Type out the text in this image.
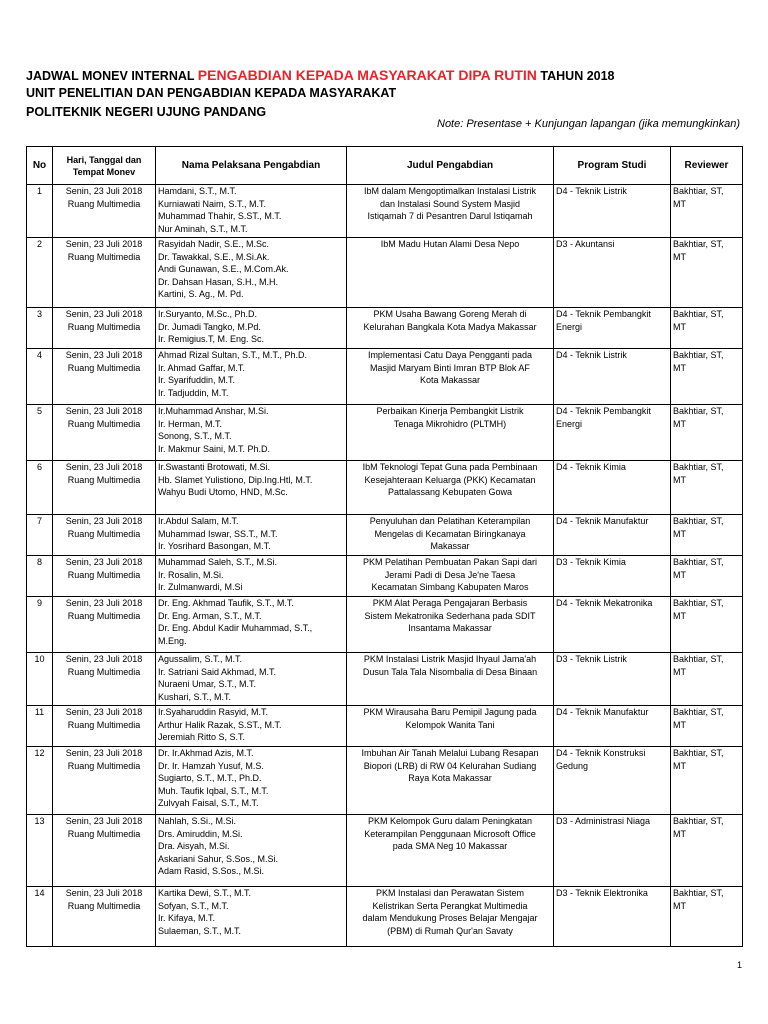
JADWAL MONEV INTERNAL PENGABDIAN KEPADA MASYARAKAT DIPA RUTIN TAHUN 2018
UNIT PENELITIAN DAN PENGABDIAN KEPADA MASYARAKAT
POLITEKNIK NEGERI UJUNG PANDANG
Note: Presentase + Kunjungan lapangan (jika memungkinkan)
No	Hari, Tanggal dan Tempat Monev	Nama Pelaksana Pengabdian	Judul Pengabdian	Program Studi	Reviewer
1	Senin, 23 Juli 2018
Ruang Multimedia	Hamdani, S.T., M.T.
Kurniawati Naim, S.T., M.T.
Muhammad Thahir, S.ST., M.T.
Nur Aminah, S.T., M.T.	IbM dalam Mengoptimalkan Instalasi Listrik
dan Instalasi Sound System Masjid
Istiqamah 7 di Pesantren Darul Istiqamah	D4 - Teknik Listrik	Bakhtiar, ST,
MT

2	Senin, 23 Juli 2018
Ruang Multimedia	Rasyidah Nadir, S.E., M.Sc.
Dr. Tawakkal, S.E., M.Si.Ak.
Andi Gunawan, S.E., M.Com.Ak.
Dr. Dahsan Hasan, S.H., M.H.
Kartini, S. Ag., M. Pd.	IbM Madu Hutan Alami Desa Nepo	D3 - Akuntansi	Bakhtiar, ST,
MT

3	Senin, 23 Juli 2018
Ruang Multimedia	Ir.Suryanto, M.Sc., Ph.D.
Dr. Jumadi Tangko, M.Pd.
Ir. Remigius.T, M. Eng. Sc.	PKM Usaha Bawang Goreng Merah di
Kelurahan Bangkala Kota Madya Makassar	D4 - Teknik Pembangkit
Energi	Bakhtiar, ST,
MT

4	Senin, 23 Juli 2018
Ruang Multimedia	Ahmad Rizal Sultan, S.T., M.T., Ph.D.
Ir. Ahmad Gaffar, M.T.
Ir. Syarifuddin, M.T.
Ir. Tadjuddin, M.T.	Implementasi Catu Daya Pengganti pada
Masjid Maryam Binti Imran BTP Blok AF
Kota Makassar	D4 - Teknik Listrik	Bakhtiar, ST,
MT

5	Senin, 23 Juli 2018
Ruang Multimedia	Ir.Muhammad Anshar, M.Si.
Ir. Herman, M.T.
Sonong, S.T., M.T.
Ir. Makmur Saini, M.T. Ph.D.	Perbaikan Kinerja Pembangkit Listrik
Tenaga Mikrohidro (PLTMH)	D4 - Teknik Pembangkit
Energi	Bakhtiar, ST,
MT

6	Senin, 23 Juli 2018
Ruang Multimedia	Ir.Swastanti Brotowati, M.Si.
Hb. Slamet Yulistiono, Dip.Ing.Htl, M.T.
Wahyu Budi Utomo, HND, M.Sc.	IbM Teknologi Tepat Guna pada Pembinaan
Kesejahteraan Keluarga (PKK) Kecamatan
Pattalassang Kebupaten Gowa	D4 - Teknik Kimia	Bakhtiar, ST,
MT

7	Senin, 23 Juli 2018
Ruang Multimedia	Ir.Abdul Salam, M.T.
Muhammad Iswar, SS.T., M.T.
Ir. Yosrihard Basongan, M.T.	Penyuluhan dan Pelatihan Keterampilan
Mengelas di Kecamatan Biringkanaya
Makassar	D4 - Teknik Manufaktur	Bakhtiar, ST,
MT

8	Senin, 23 Juli 2018
Ruang Multimedia	Muhammad Saleh, S.T., M.Si.
Ir. Rosalin, M.Si.
Ir. Zulmanwardi, M.Si	PKM Pelatihan Pembuatan Pakan Sapi dari
Jerami Padi di Desa Je'ne Taesa
Kecamatan Simbang Kabupaten Maros	D3 - Teknik Kimia	Bakhtiar, ST,
MT

9	Senin, 23 Juli 2018
Ruang Multimedia	Dr. Eng. Akhmad Taufik, S.T., M.T.
Dr. Eng. Arman, S.T., M.T.
Dr. Eng. Abdul Kadir Muhammad, S.T.,
M.Eng.	PKM Alat Peraga Pengajaran Berbasis
Sistem Mekatronika Sederhana pada SDIT
Insantama Makassar	D4 - Teknik Mekatronika	Bakhtiar, ST,
MT

10	Senin, 23 Juli 2018
Ruang Multimedia	Agussalim, S.T., M.T.
Ir. Satriani Said Akhmad, M.T.
Nuraeni Umar, S.T., M.T.
Kushari, S.T., M.T.	PKM Instalasi Listrik Masjid Ihyaul Jama'ah
Dusun Tala Tala Nisombalia di Desa Binaan	D3 - Teknik Listrik	Bakhtiar, ST,
MT

11	Senin, 23 Juli 2018
Ruang Multimedia	Ir.Syaharuddin Rasyid, M.T.
Arthur Halik Razak, S.ST., M.T.
Jeremiah Ritto S, S.T.	PKM Wirausaha Baru Pemipil Jagung pada
Kelompok Wanita Tani	D4 - Teknik Manufaktur	Bakhtiar, ST,
MT

12	Senin, 23 Juli 2018
Ruang Multimedia	Dr. Ir.Akhmad Azis, M.T.
Dr. Ir. Hamzah Yusuf, M.S.
Sugiarto, S.T., M.T., Ph.D.
Muh. Taufik Iqbal, S.T., M.T.
Zulvyah Faisal, S.T., M.T.	Imbuhan Air Tanah Melalui Lubang Resapan
Biopori (LRB) di RW 04 Kelurahan Sudiang
Raya Kota Makassar	D4 - Teknik Konstruksi
Gedung	Bakhtiar, ST,
MT

13	Senin, 23 Juli 2018
Ruang Multimedia	Nahlah, S.Si., M.Si.
Drs. Amiruddin, M.Si.
Dra. Aisyah, M.Si.
Askariani Sahur, S.Sos., M.Si.
Adam Rasid, S.Sos., M.Si.	PKM Kelompok Guru dalam Peningkatan
Keterampilan Penggunaan Microsoft Office
pada SMA Neg 10 Makassar	D3 - Administrasi Niaga	Bakhtiar, ST,
MT

14	Senin, 23 Juli 2018
Ruang Multimedia	Kartika Dewi, S.T., M.T.
Sofyan, S.T., M.T.
Ir. Kifaya, M.T.
Sulaeman, S.T., M.T.	PKM Instalasi dan Perawatan Sistem
Kelistrikan Serta Perangkat Multimedia
dalam Mendukung Proses Belajar Mengajar
(PBM) di Rumah Qur'an Savaty	D3 - Teknik Elektronika	Bakhtiar, ST,
MT
1
